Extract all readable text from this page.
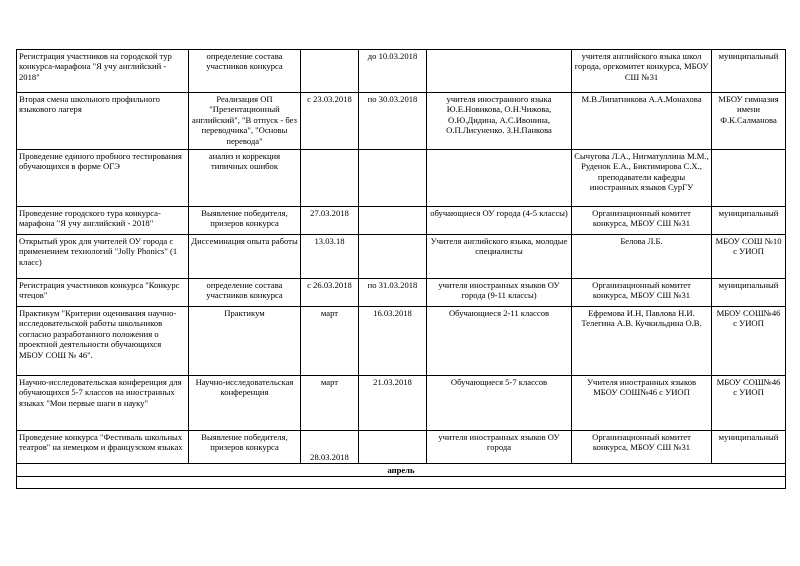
Регистрация участников на городской тур конкурса-марафона "Я учу английский - 2018"	определение состава участников конкурса		до 10.03.2018		учителя английского языка школ города, оргкомитет конкурса, МБОУ СШ №31	муниципальный
Вторая смена школьного профильного языкового лагеря	Реализация ОП "Презентационный английский", "В отпуск - без переводчика", "Основы перевода"	с 23.03.2018	по 30.03.2018	учителя иностранного языка Ю.Е.Новикова, О.Н.Чижова, О.Ю.Дидина, А.С.Ивонина, О.П.Лисуненко. З.Н.Панкова	М.В.Липатникова А.А.Монахова	МБОУ гимназия имени Ф.К.Салманова
Проведение единого пробного тестирования обучающихся в форме ОГЭ	анализ и коррекция типичных ошибок				Сычугова Л.А., Нигматуллина М.М., Руденок Е.А., Биктимирова С.Х., преподаватели кафедры иностранных языков СурГУ	
Проведение городского тура конкурса-марафона "Я учу английский - 2018"	Выявление победителя, призеров конкурса	27.03.2018		обучающиеся ОУ города (4-5 классы)	Организационный комитет конкурса, МБОУ СШ №31	муниципальный
Открытый урок для учителей ОУ города с применением технологий "Jolly Phonics" (1 класс)	Диссеминация опыта работы	13.03.18		Учителя английского языка, молодые специалисты	Белова Л.Б.	МБОУ СОШ №10 с УИОП
Регистрация участников конкурса "Конкурс чтецов"	определение состава участников конкурса	с 26.03.2018	по 31.03.2018	учителя иностранных языков ОУ города (9-11 классы)	Организационный комитет конкурса, МБОУ СШ №31	муниципальный
Практикум "Критерии оценивания научно-исследовательской работы школьников согласно разработанного положения о проектной деятельности обучающихся МБОУ СОШ № 46".	Практикум	март	16.03.2018	Обучающиеся 2-11 классов	Ефремова И.Н, Павлова Н.И. Телегина А.В. Кучкильдина О.В.	МБОУ СОШ№46 с УИОП
Научно-исследовательская конференция для обучающихся 5-7 классов на иностранных языках "Мои первые шаги в науку"	Научно-исследовательская конференция	март	21.03.2018	Обучающиеся 5-7 классов	Учителя иностранных языков МБОУ СОШ№46 с УИОП	МБОУ СОШ№46 с УИОП
Проведение конкурса "Фестиваль школьных театров" на немецком и французском языках	Выявление победителя, призеров конкурса	28.03.2018		учителя иностранных языков ОУ города	Организационный комитет конкурса, МБОУ СШ №31	муниципальный
апрель						
